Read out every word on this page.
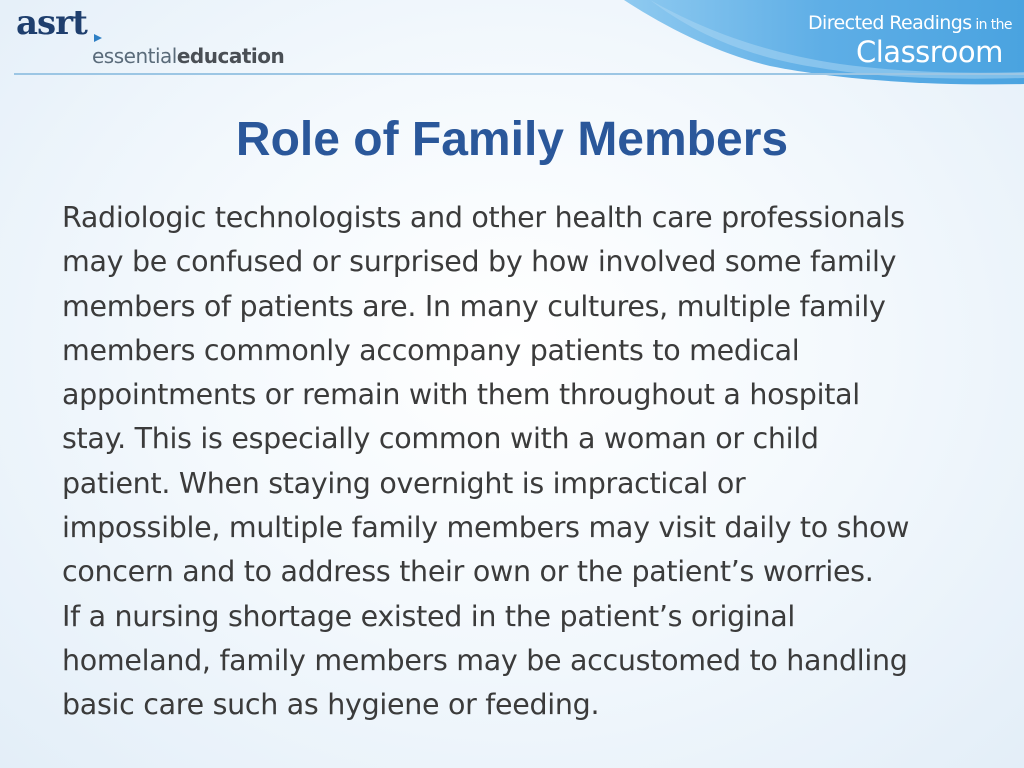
asrt
essentialeducation
Directed Readings in the
Classroom
Role of Family Members

Radiologic technologists and other health care professionals
may be confused or surprised by how involved some family
members of patients are. In many cultures, multiple family
members commonly accompany patients to medical
appointments or remain with them throughout a hospital
stay. This is especially common with a woman or child
patient. When staying overnight is impractical or
impossible, multiple family members may visit daily to show
concern and to address their own or the patient’s worries.
If a nursing shortage existed in the patient’s original
homeland, family members may be accustomed to handling
basic care such as hygiene or feeding.
